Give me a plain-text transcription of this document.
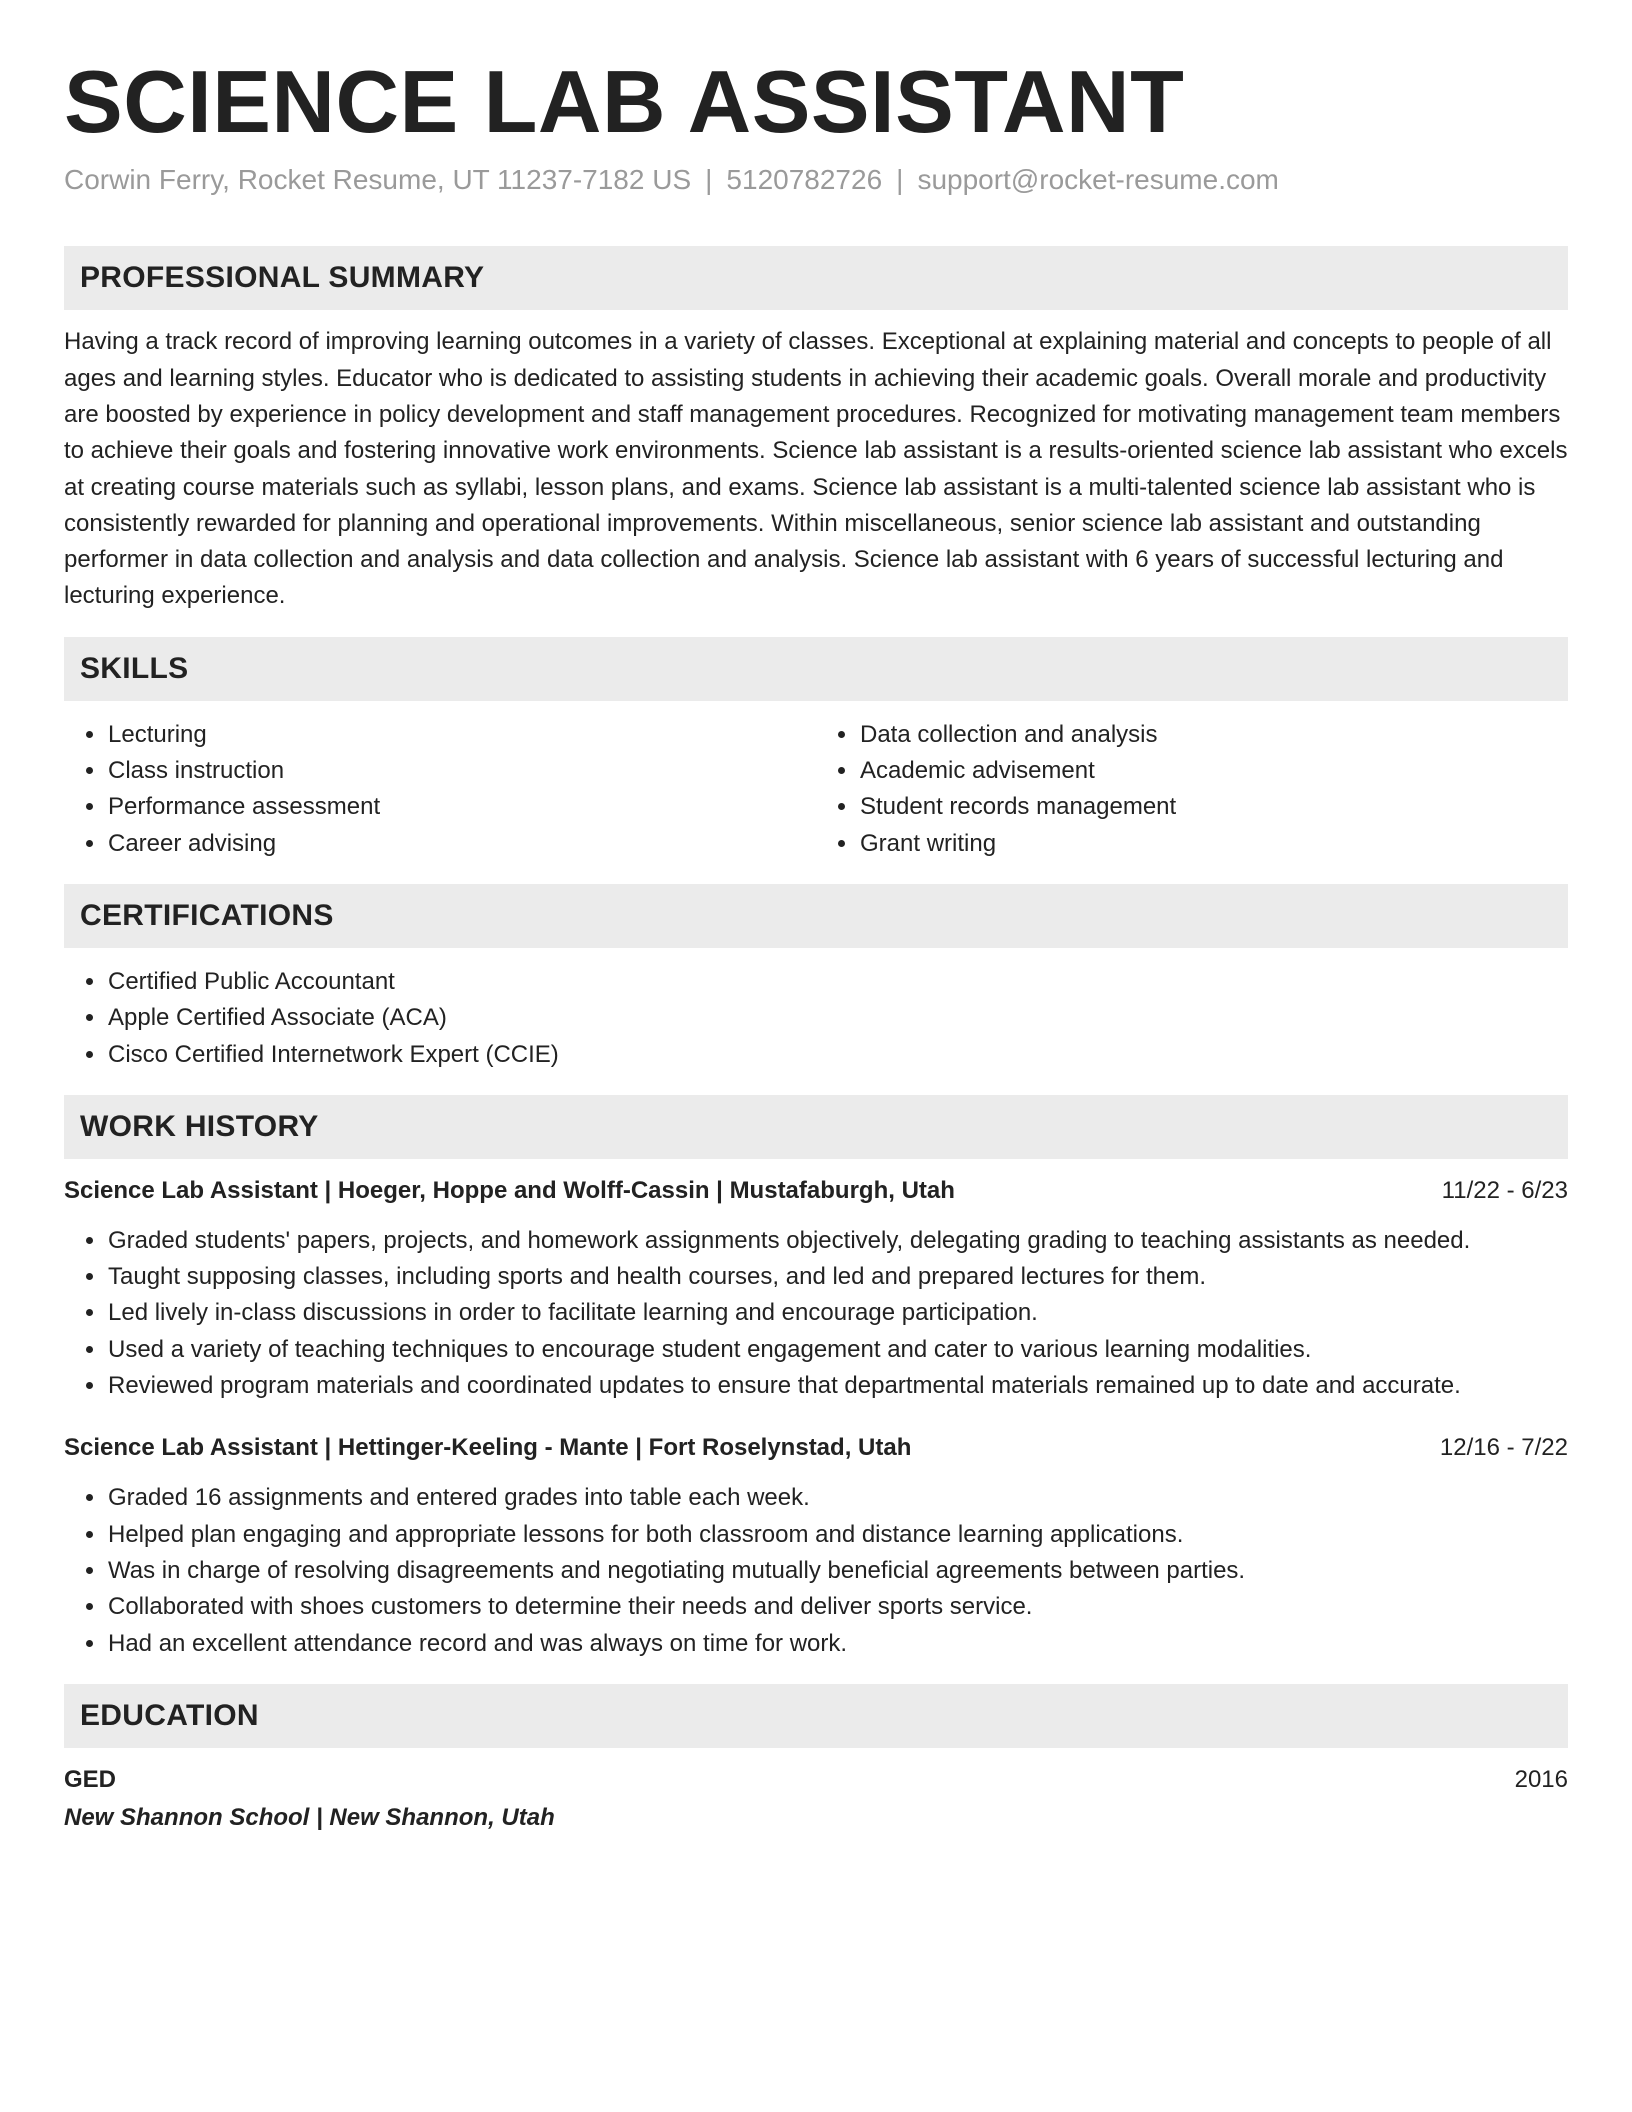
SCIENCE LAB ASSISTANT
Corwin Ferry, Rocket Resume, UT 11237-7182 US | 5120782726 | support@rocket-resume.com
PROFESSIONAL SUMMARY

Having a track record of improving learning outcomes in a variety of classes. Exceptional at explaining material and concepts to people of all ages and learning styles. Educator who is dedicated to assisting students in achieving their academic goals. Overall morale and productivity are boosted by experience in policy development and staff management procedures. Recognized for motivating management team members to achieve their goals and fostering innovative work environments. Science lab assistant is a results-oriented science lab assistant who excels at creating course materials such as syllabi, lesson plans, and exams. Science lab assistant is a multi-talented science lab assistant who is consistently rewarded for planning and operational improvements. Within miscellaneous, senior science lab assistant and outstanding performer in data collection and analysis and data collection and analysis. Science lab assistant with 6 years of successful lecturing and lecturing experience.

SKILLS
• Lecturing
• Class instruction
• Performance assessment
• Career advising
• Data collection and analysis
• Academic advisement
• Student records management
• Grant writing
CERTIFICATIONS
• Certified Public Accountant
• Apple Certified Associate (ACA)
• Cisco Certified Internetwork Expert (CCIE)
WORK HISTORY
Science Lab Assistant | Hoeger, Hoppe and Wolff-Cassin | Mustafaburgh, Utah	11/22 - 6/23
• Graded students' papers, projects, and homework assignments objectively, delegating grading to teaching assistants as needed.
• Taught supposing classes, including sports and health courses, and led and prepared lectures for them.
• Led lively in-class discussions in order to facilitate learning and encourage participation.
• Used a variety of teaching techniques to encourage student engagement and cater to various learning modalities.
• Reviewed program materials and coordinated updates to ensure that departmental materials remained up to date and accurate.
Science Lab Assistant | Hettinger-Keeling - Mante | Fort Roselynstad, Utah	12/16 - 7/22
• Graded 16 assignments and entered grades into table each week.
• Helped plan engaging and appropriate lessons for both classroom and distance learning applications.
• Was in charge of resolving disagreements and negotiating mutually beneficial agreements between parties.
• Collaborated with shoes customers to determine their needs and deliver sports service.
• Had an excellent attendance record and was always on time for work.
EDUCATION
GED	2016
New Shannon School | New Shannon, Utah
